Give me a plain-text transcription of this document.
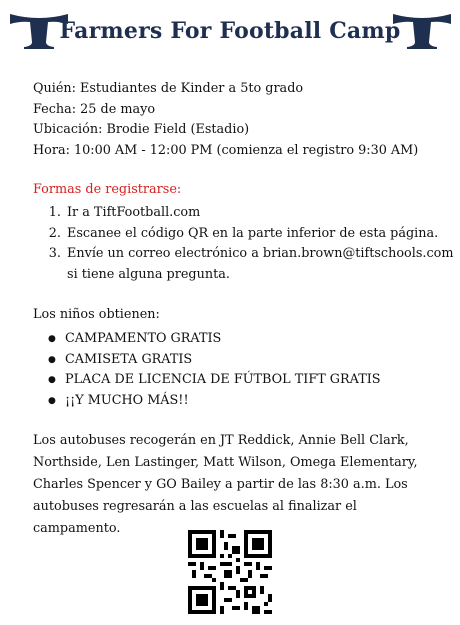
Farmers For Football Camp
Quién: Estudiantes de Kinder a 5to grado
Fecha: 25 de mayo
Ubicación: Brodie Field (Estadio)
Hora: 10:00 AM - 12:00 PM (comienza el registro 9:30 AM)
Formas de registrarse:
1. Ir a TiftFootball.com
2. Escanee el código QR en la parte inferior de esta página.
3. Envíe un correo electrónico a brian.brown@tiftschools.com si tiene alguna pregunta.
Los niños obtienen:
● CAMPAMENTO GRATIS
● CAMISETA GRATIS
● PLACA DE LICENCIA DE FÚTBOL TIFT GRATIS
● ¡¡Y MUCHO MÁS!!
Los autobuses recogerán en JT Reddick, Annie Bell Clark, Northside, Len Lastinger, Matt Wilson, Omega Elementary, Charles Spencer y GO Bailey a partir de las 8:30 a.m. Los autobuses regresarán a las escuelas al finalizar el campamento.
